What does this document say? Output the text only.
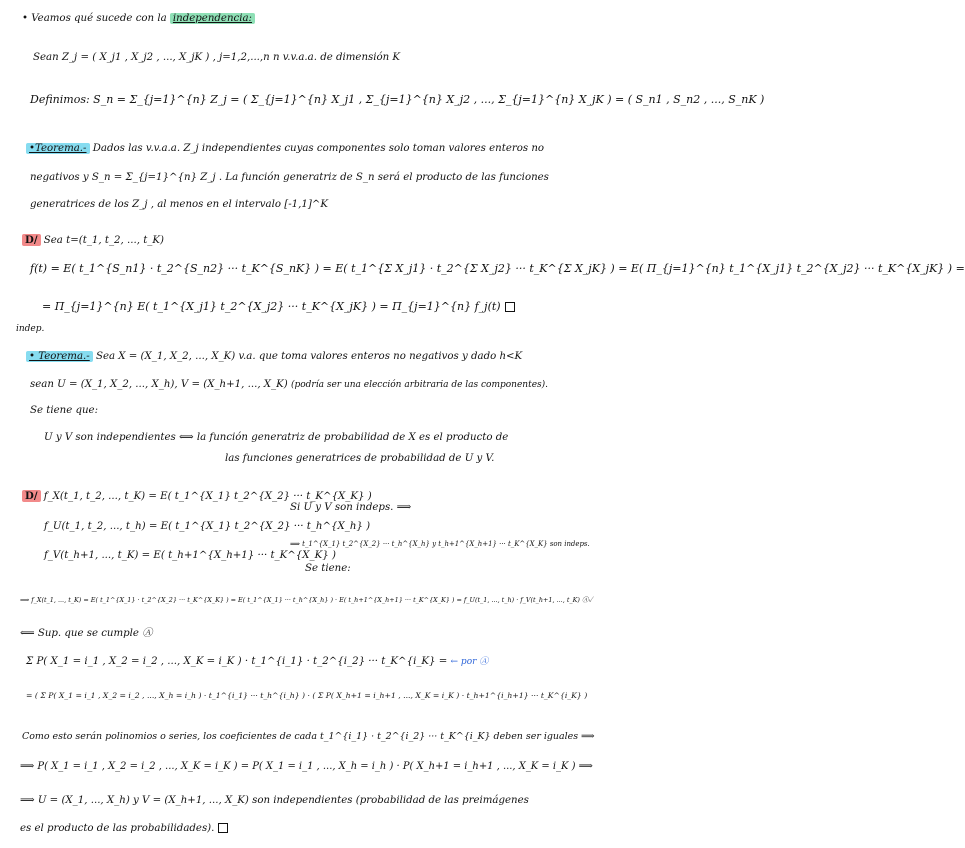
• Veamos qué sucede con la independencia:
Sean Z_j = ( X_j1 , X_j2 , ..., X_jK ) , j=1,2,...,n n v.v.a.a. de dimensión K
Definimos: S_n = Σ_{j=1}^{n} Z_j = ( Σ_{j=1}^{n} X_j1 , Σ_{j=1}^{n} X_j2 , ..., Σ_{j=1}^{n} X_jK ) = ( S_n1 , S_n2 , ..., S_nK )
•Teorema.- Dados las v.v.a.a. Z_j independientes cuyas componentes solo toman valores enteros no
negativos y S_n = Σ_{j=1}^{n} Z_j . La función generatriz de S_n será el producto de las funciones
generatrices de los Z_j , al menos en el intervalo [-1,1]^K
D/ Sea t=(t_1, t_2, ..., t_K)
f(t) = E( t_1^{S_n1} · t_2^{S_n2} ··· t_K^{S_nK} ) = E( t_1^{Σ X_j1} · t_2^{Σ X_j2} ··· t_K^{Σ X_jK} ) = E( Π_{j=1}^{n} t_1^{X_j1} t_2^{X_j2} ··· t_K^{X_jK} ) =
= Π_{j=1}^{n} E( t_1^{X_j1} t_2^{X_j2} ··· t_K^{X_jK} ) = Π_{j=1}^{n} f_j(t)
indep.
• Teorema.- Sea X = (X_1, X_2, ..., X_K) v.a. que toma valores enteros no negativos y dado h<K
sean U = (X_1, X_2, ..., X_h), V = (X_h+1, ..., X_K) (podría ser una elección arbitraria de las componentes).
Se tiene que:
U y V son independientes ⟺ la función generatriz de probabilidad de X es el producto de
las funciones generatrices de probabilidad de U y V.
D/ f_X(t_1, t_2, ..., t_K) = E( t_1^{X_1} t_2^{X_2} ··· t_K^{X_K} )
Si U y V son indeps. ⟹
f_U(t_1, t_2, ..., t_h) = E( t_1^{X_1} t_2^{X_2} ··· t_h^{X_h} )
⟹ t_1^{X_1} t_2^{X_2} ··· t_h^{X_h} y t_h+1^{X_h+1} ··· t_K^{X_K} son indeps.
f_V(t_h+1, ..., t_K) = E( t_h+1^{X_h+1} ··· t_K^{X_K} )
Se tiene:
⟹ f_X(t_1, ..., t_K) = E( t_1^{X_1} · t_2^{X_2} ··· t_K^{X_K} ) = E( t_1^{X_1} ··· t_h^{X_h} ) · E( t_h+1^{X_h+1} ··· t_K^{X_K} ) = f_U(t_1, ..., t_h) · f_V(t_h+1, ..., t_K) Ⓐ✓
⟸ Sup. que se cumple Ⓐ
Σ P( X_1 = i_1 , X_2 = i_2 , ..., X_K = i_K ) · t_1^{i_1} · t_2^{i_2} ··· t_K^{i_K} = ← por Ⓐ
= ( Σ P( X_1 = i_1 , X_2 = i_2 , ..., X_h = i_h ) · t_1^{i_1} ··· t_h^{i_h} ) · ( Σ P( X_h+1 = i_h+1 , ..., X_K = i_K ) · t_h+1^{i_h+1} ··· t_K^{i_K} )
Como esto serán polinomios o series, los coeficientes de cada t_1^{i_1} · t_2^{i_2} ··· t_K^{i_K} deben ser iguales ⟹
⟹ P( X_1 = i_1 , X_2 = i_2 , ..., X_K = i_K ) = P( X_1 = i_1 , ..., X_h = i_h ) · P( X_h+1 = i_h+1 , ..., X_K = i_K ) ⟹
⟹ U = (X_1, ..., X_h) y V = (X_h+1, ..., X_K) son independientes (probabilidad de las preimágenes
es el producto de las probabilidades).
